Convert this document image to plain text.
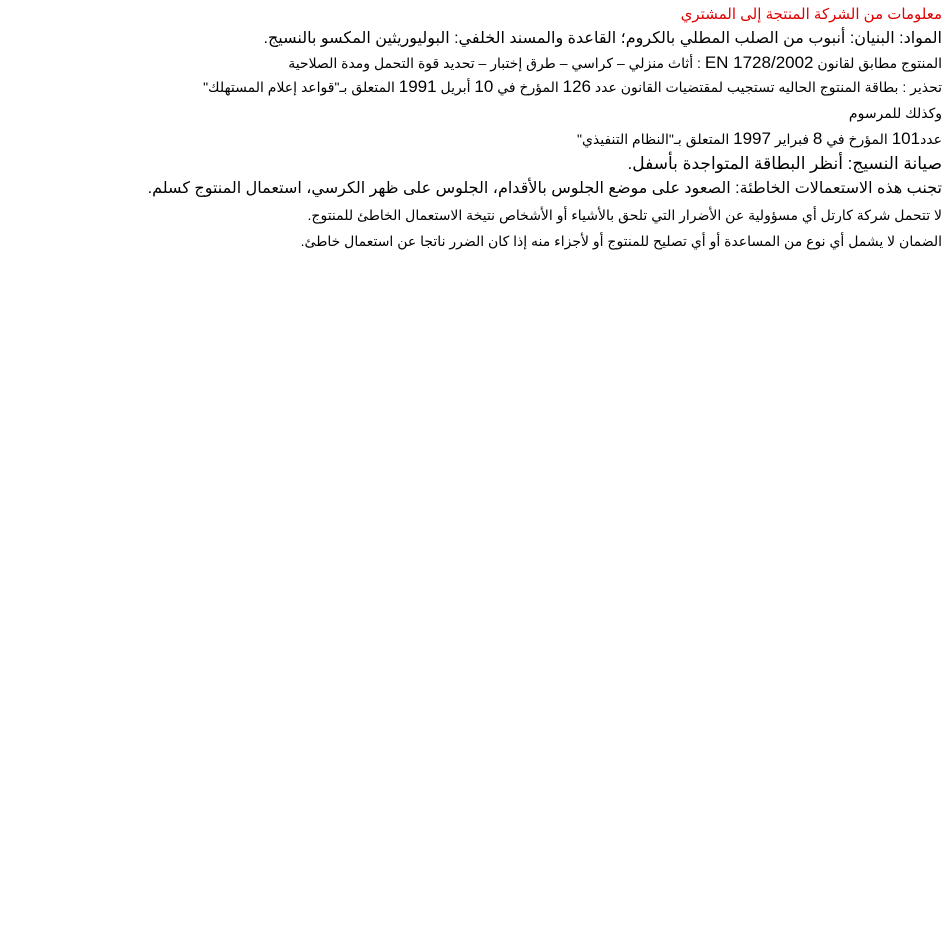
معلومات من الشركة المنتجة إلى المشتري
المواد: البنيان: أنبوب من الصلب المطلي بالكروم؛ القاعدة والمسند الخلفي: البوليوريثين المكسو بالنسيج.
المنتوج مطابق لقانون EN 1728/2002 : أثاث منزلي – كراسي – طرق إختبار – تحديد قوة التحمل ومدة الصلاحية
تحذير : بطاقة المنتوج الحاليه تستجيب لمقتضيات القانون عدد 126 المؤرخ في 10 أبريل 1991 المتعلق بـ"قواعد إعلام المستهلك"
وكذلك للمرسوم
عدد101 المؤرخ في 8 فبراير 1997 المتعلق بـ"النظام التنفيذي"
صيانة النسيج: أنظر البطاقة المتواجدة بأسفل.
تجنب هذه الاستعمالات الخاطئة: الصعود على موضع الجلوس بالأقدام، الجلوس على ظهر الكرسي، استعمال المنتوج كسلم.
لا تتحمل شركة كارتل أي مسؤولية عن الأضرار التي تلحق بالأشياء أو الأشخاص نتيخة الاستعمال الخاطئ للمنتوج.
الضمان لا يشمل أي نوع من المساعدة أو أي تصليح للمنتوج أو لأجزاء منه إذا كان الضرر ناتجا عن استعمال خاطئ.
